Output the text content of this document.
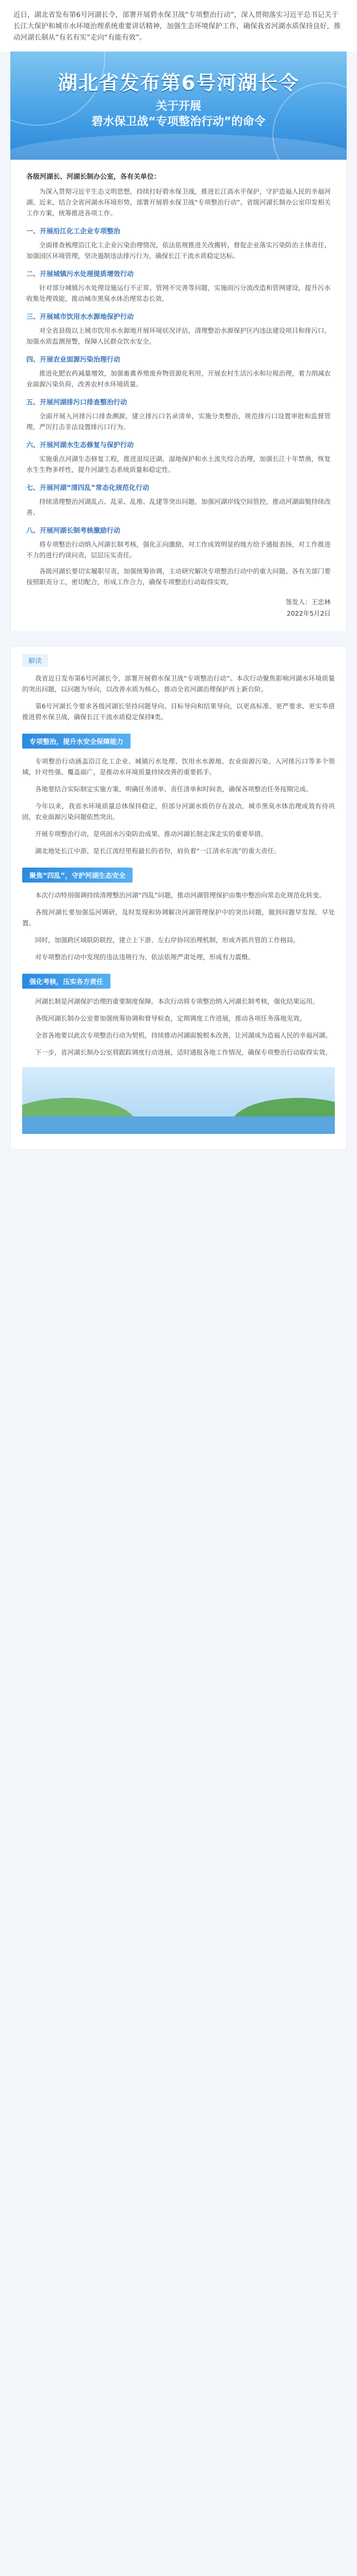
近日，湖北省发布第6号河湖长令，部署开展碧水保卫战“专项整治行动”，深入贯彻落实习近平总书记关于长江大保护和城市水环境治理系统重要讲话精神，加强生态环境保护工作，确保我省河湖水质保持良好，推动河湖长制从“有名有实”走向“有能有效”。
湖北省发布第6号河湖长令
关于开展
碧水保卫战“专项整治行动”的命令
各级河湖长、河湖长制办公室，各有关单位：

为深入贯彻习近平生态文明思想，持续打好碧水保卫战，推进长江高水平保护，守护造福人民的幸福河湖。近来，结合全省河湖水环境形势，部署开展碧水保卫战“专项整治行动”。省级河湖长制办公室印发相关工作方案，统筹推进各项工作。

一、开展沿江化工企业专项整治

全面排查梳理沿江化工企业污染治理情况，依法依规推进关改搬转，督促企业落实污染防治主体责任，加强园区环境管理，坚决遏制违法排污行为，确保长江干流水质稳定达标。

二、开展城镇污水处理提质增效行动

针对部分城镇污水处理设施运行不正常、管网不完善等问题，实施雨污分流改造和管网建设，提升污水收集处理效能，推动城市黑臭水体治理常态长效。

三、开展城市饮用水水源地保护行动

对全省县级以上城市饮用水水源地开展环境状况评估，清理整治水源保护区内违法建设项目和排污口，加强水质监测预警，保障人民群众饮水安全。

四、开展农业面源污染治理行动

推进化肥农药减量增效，加强畜禽养殖废弃物资源化利用，开展农村生活污水和垃圾治理，着力削减农业面源污染负荷，改善农村水环境质量。

五、开展河湖排污口排查整治行动

全面开展入河排污口排查溯源，建立排污口名录清单，实施分类整治，规范排污口设置审批和监督管理，严厉打击非法设置排污口行为。

六、开展河湖水生态修复与保护行动

实施重点河湖生态修复工程，推进退垸还湖、湿地保护和水土流失综合治理，加强长江十年禁渔，恢复水生生物多样性，提升河湖生态系统质量和稳定性。

七、开展河湖“清四乱”常态化规范化行动

持续清理整治河湖乱占、乱采、乱堆、乱建等突出问题，加强河湖岸线空间管控，推动河湖面貌持续改善。

八、开展河湖长制考核激励行动

将专项整治行动纳入河湖长制考核，强化正向激励，对工作成效明显的地方给予通报表扬，对工作推进不力的进行约谈问责，层层压实责任。

各级河湖长要切实履职尽责，加强统筹协调，主动研究解决专项整治行动中的重大问题。各有关部门要按照职责分工，密切配合，形成工作合力，确保专项整治行动取得实效。

签发人：王忠林
2022年5月2日
解读

我省近日发布第6号河湖长令，部署开展碧水保卫战“专项整治行动”。本次行动聚焦影响河湖水环境质量的突出问题，以问题为导向，以改善水质为核心，推动全省河湖治理保护再上新台阶。

第6号河湖长令要求各级河湖长坚持问题导向、目标导向和结果导向，以更高标准、更严要求、更实举措推进碧水保卫战，确保长江干流水质稳定保持Ⅱ类。

专项整治，提升水安全保障能力

专项整治行动涵盖沿江化工企业、城镇污水处理、饮用水水源地、农业面源污染、入河排污口等多个领域，针对性强、覆盖面广，是推动水环境质量持续改善的重要抓手。

各地要结合实际制定实施方案，明确任务清单、责任清单和时间表，确保各项整治任务按期完成。

今年以来，我省水环境质量总体保持稳定，但部分河湖水质仍存在波动，城市黑臭水体治理成效有待巩固，农业面源污染问题依然突出。

开展专项整治行动，是巩固水污染防治成果、推动河湖长制走深走实的重要举措。

湖北地处长江中游，是长江流经里程最长的省份，肩负着“一江清水东流”的重大责任。

聚焦“四乱”，守护河湖生态安全

本次行动特别强调持续清理整治河湖“四乱”问题，推动河湖管理保护由集中整治向常态化规范化转变。

各级河湖长要加强巡河调研，及时发现和协调解决河湖管理保护中的突出问题，做到问题早发现、早处置。

同时，加强跨区域联防联控，建立上下游、左右岸协同治理机制，形成齐抓共管的工作格局。

对专项整治行动中发现的违法违规行为，依法依规严肃处理，形成有力震慑。

强化考核，压实各方责任

河湖长制是河湖保护治理的重要制度保障。本次行动将专项整治纳入河湖长制考核，强化结果运用。

各级河湖长制办公室要加强统筹协调和督导检查，定期调度工作进展，推动各项任务落地见效。

全省各地要以此次专项整治行动为契机，持续推动河湖面貌根本改善，让河湖成为造福人民的幸福河湖。

下一步，省河湖长制办公室将跟踪调度行动进展，适时通报各地工作情况，确保专项整治行动取得实效。
